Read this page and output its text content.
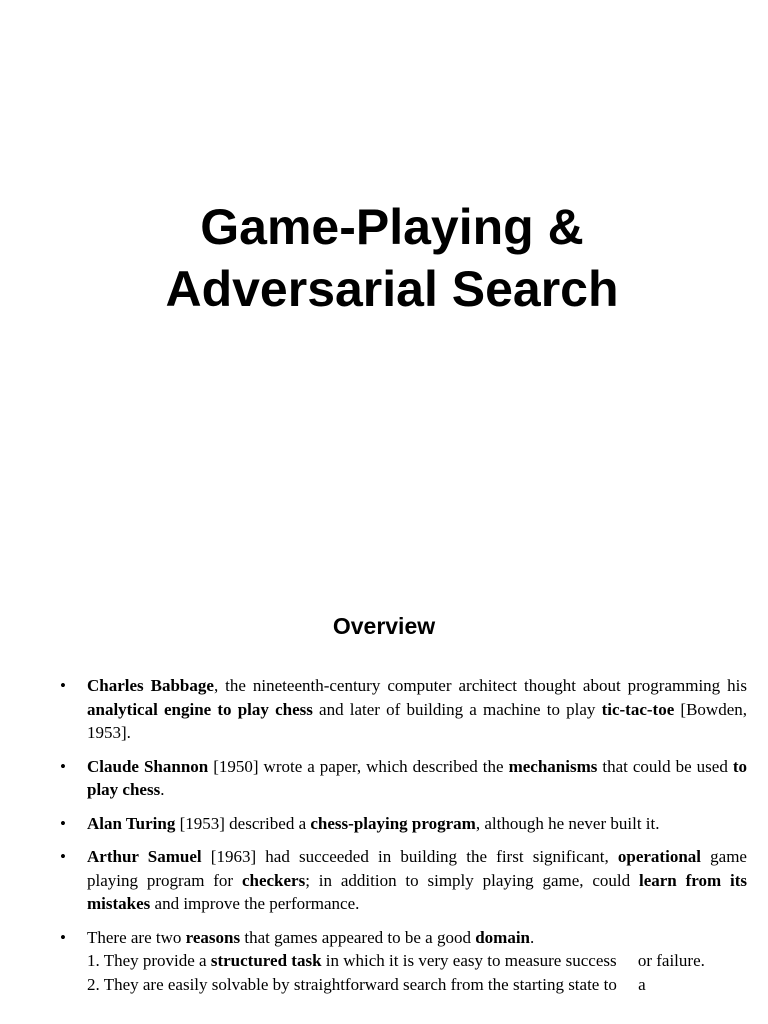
Game-Playing &
Adversarial Search
Overview
• Charles Babbage, the nineteenth-century computer architect thought about programming his analytical engine to play chess and later of building a machine to play tic-tac-toe [Bowden, 1953].
• Claude Shannon [1950] wrote a paper, which described the mechanisms that could be used to play chess.
• Alan Turing [1953] described a chess-playing program, although he never built it.
• Arthur Samuel [1963] had succeeded in building the first significant, operational game playing program for checkers; in addition to simply playing game, could learn from its mistakes and improve the performance.
• There are two reasons that games appeared to be a good domain.
1. They provide a structured task in which it is very easy to measure success     or failure.
2. They are easily solvable by straightforward search from the starting state to     a
